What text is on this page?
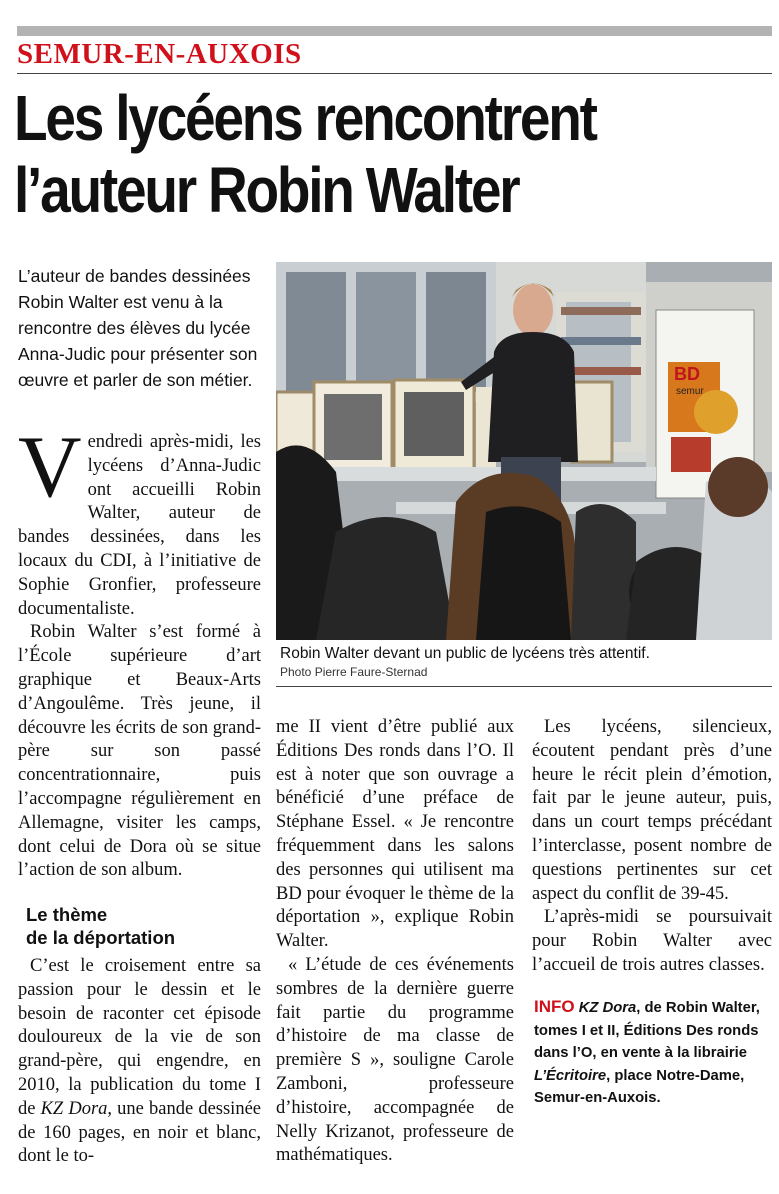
SEMUR-EN-AUXOIS
Les lycéens rencontrent
l’auteur Robin Walter
L’auteur de bandes dessinées Robin Walter est venu à la rencontre des élèves du lycée Anna-Judic pour présenter son œuvre et parler de son métier.

Vendredi après-midi, les lycéens d’Anna-Judic ont accueilli Robin Walter, auteur de bandes dessinées, dans les locaux du CDI, à l’initiative de Sophie Gronfier, professeure documentaliste.

Robin Walter s’est formé à l’École supérieure d’art graphique et Beaux-Arts d’Angoulême. Très jeune, il découvre les écrits de son grand-père sur son passé concentrationnaire, puis l’accompagne régulièrement en Allemagne, visiter les camps, dont celui de Dora où se situe l’action de son album.

Le thème
de la déportation

C’est le croisement entre sa passion pour le dessin et le besoin de raconter cet épisode douloureux de la vie de son grand-père, qui engendre, en 2010, la publication du tome I de KZ Dora, une bande dessinée de 160 pages, en noir et blanc, dont le to-

BD
semur
Robin Walter devant un public de lycéens très attentif.
Photo Pierre Faure-Sternad

me II vient d’être publié aux Éditions Des ronds dans l’O. Il est à noter que son ouvrage a bénéficié d’une préface de Stéphane Essel. « Je rencontre fréquemment dans les salons des personnes qui utilisent ma BD pour évoquer le thème de la déportation », explique Robin Walter.

« L’étude de ces événements sombres de la dernière guerre fait partie du programme d’histoire de ma classe de première S », souligne Carole Zamboni, professeure d’histoire, accompagnée de Nelly Krizanot, professeure de mathématiques.

Les lycéens, silencieux, écoutent pendant près d’une heure le récit plein d’émotion, fait par le jeune auteur, puis, dans un court temps précédant l’interclasse, posent nombre de questions pertinentes sur cet aspect du conflit de 39-45.

L’après-midi se poursuivait pour Robin Walter avec l’accueil de trois autres classes.

INFO KZ Dora, de Robin Walter, tomes I et II, Éditions Des ronds dans l’O, en vente à la librairie L’Écritoire, place Notre-Dame, Semur-en-Auxois.
